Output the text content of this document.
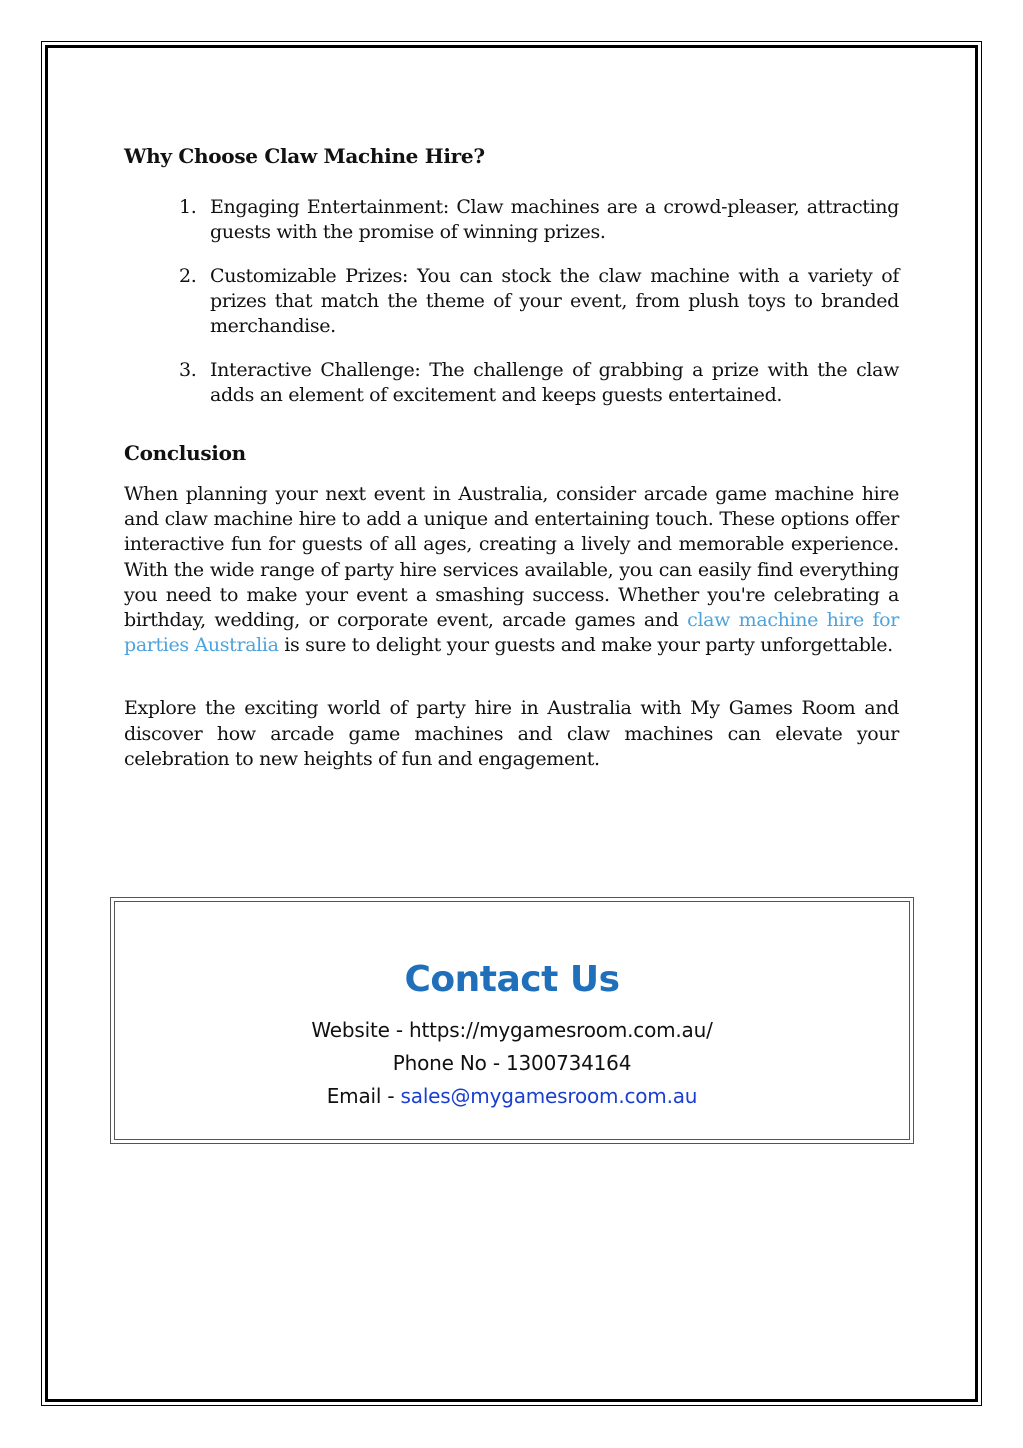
Why Choose Claw Machine Hire?
1. Engaging Entertainment: Claw machines are a crowd-pleaser, attracting guests with the promise of winning prizes.
2. Customizable Prizes: You can stock the claw machine with a variety of prizes that match the theme of your event, from plush toys to branded merchandise.
3. Interactive Challenge: The challenge of grabbing a prize with the claw adds an element of excitement and keeps guests entertained.
Conclusion

When planning your next event in Australia, consider arcade game machine hire and claw machine hire to add a unique and entertaining touch. These options offer interactive fun for guests of all ages, creating a lively and memorable experience. With the wide range of party hire services available, you can easily find everything you need to make your event a smashing success. Whether you're celebrating a birthday, wedding, or corporate event, arcade games and claw machine hire for parties Australia is sure to delight your guests and make your party unforgettable.

Explore the exciting world of party hire in Australia with My Games Room and discover how arcade game machines and claw machines can elevate your celebration to new heights of fun and engagement.

Contact Us
Website - https://mygamesroom.com.au/
Phone No - 1300734164
Email - sales@mygamesroom.com.au
